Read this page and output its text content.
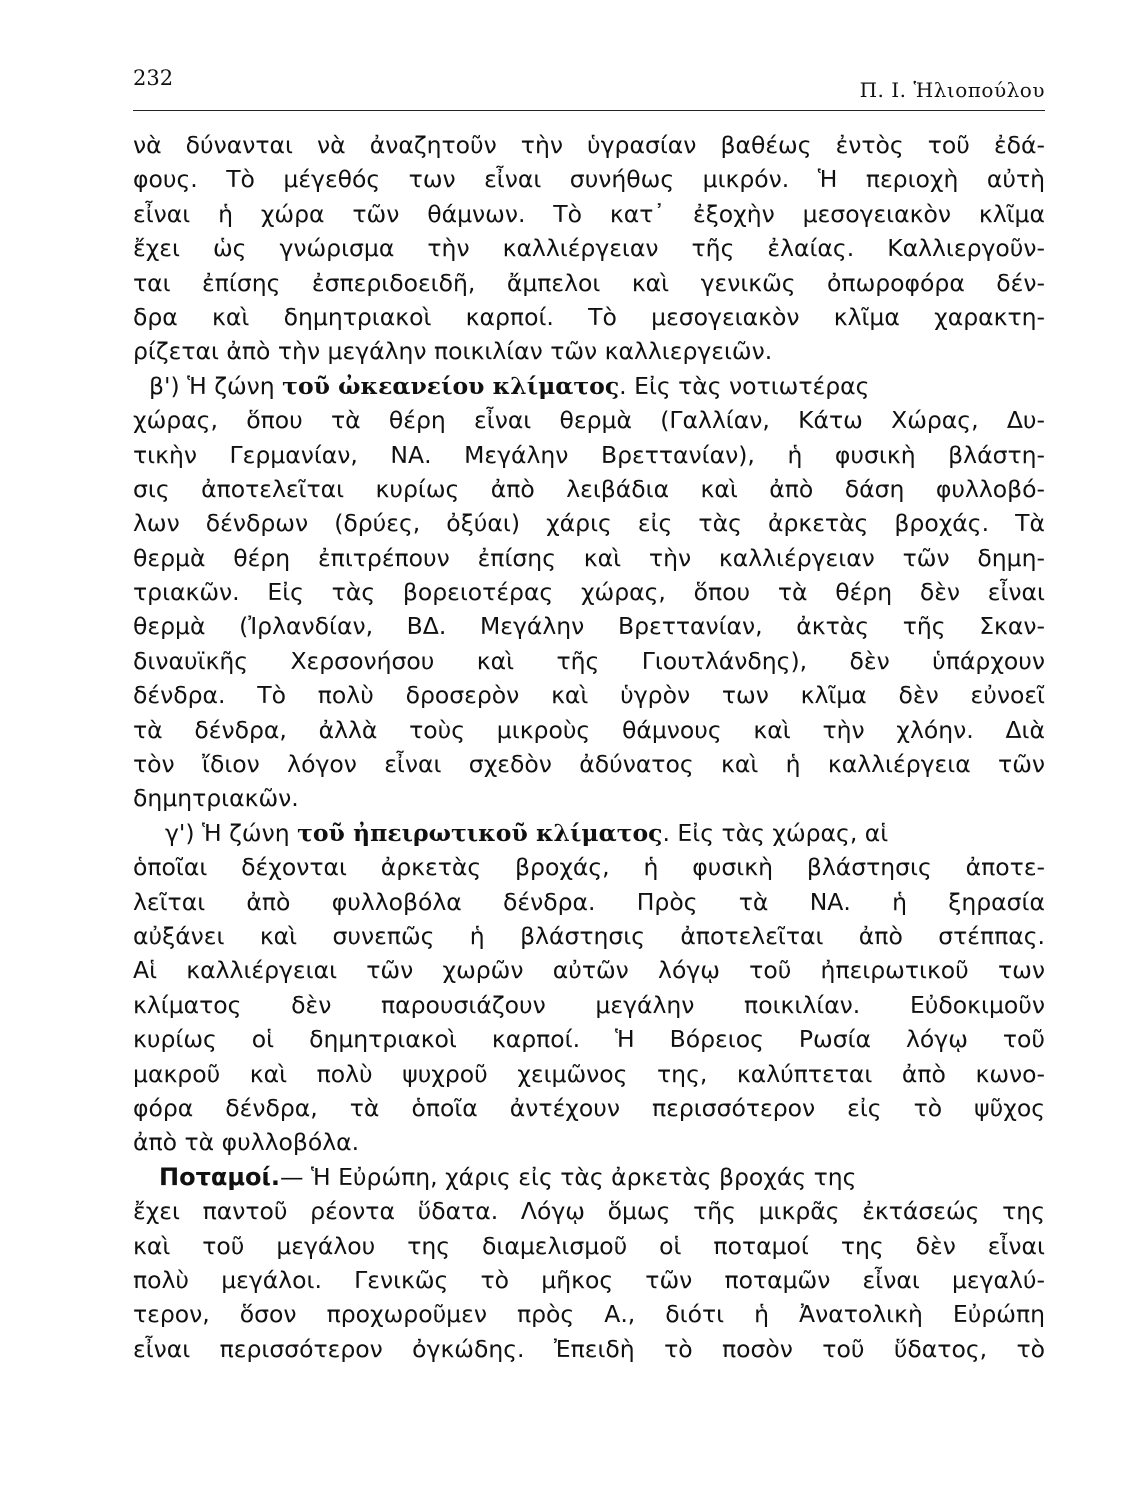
232	Π. Ι. Ἡλιοπούλου
νὰ δύνανται νὰ ἀναζητοῦν τὴν ὑγρασίαν βαθέως ἐντὸς τοῦ ἐδά-
φους. Τὸ μέγεθός των εἶναι συνήθως μικρόν. Ἡ περιοχὴ αὐτὴ
εἶναι ἡ χώρα τῶν θάμνων. Τὸ κατ᾽ ἐξοχὴν μεσογειακὸν κλῖμα
ἔχει ὡς γνώρισμα τὴν καλλιέργειαν τῆς ἐλαίας. Καλλιεργοῦν-
ται ἐπίσης ἐσπεριδοειδῆ, ἄμπελοι καὶ γενικῶς ὀπωροφόρα δέν-
δρα καὶ δημητριακοὶ καρποί. Τὸ μεσογειακὸν κλῖμα χαρακτη-
ρίζεται ἀπὸ τὴν μεγάλην ποικιλίαν τῶν καλλιεργειῶν.
β') Ἡ ζώνη τοῦ ὠκεανείου κλίματος. Εἰς τὰς νοτιωτέρας
χώρας, ὅπου τὰ θέρη εἶναι θερμὰ (Γαλλίαν, Κάτω Χώρας, Δυ-
τικὴν Γερμανίαν, ΝΑ. Μεγάλην Βρεττανίαν), ἡ φυσικὴ βλάστη-
σις ἀποτελεῖται κυρίως ἀπὸ λειβάδια καὶ ἀπὸ δάση φυλλοβό-
λων δένδρων (δρύες, ὀξύαι) χάρις εἰς τὰς ἀρκετὰς βροχάς. Τὰ
θερμὰ θέρη ἐπιτρέπουν ἐπίσης καὶ τὴν καλλιέργειαν τῶν δημη-
τριακῶν. Εἰς τὰς βορειοτέρας χώρας, ὅπου τὰ θέρη δὲν εἶναι
θερμὰ (Ἰρλανδίαν, ΒΔ. Μεγάλην Βρεττανίαν, ἀκτὰς τῆς Σκαν-
διναυϊκῆς Χερσονήσου καὶ τῆς Γιουτλάνδης), δὲν ὑπάρχουν
δένδρα. Τὸ πολὺ δροσερὸν καὶ ὑγρὸν των κλῖμα δὲν εὐνοεῖ
τὰ δένδρα, ἀλλὰ τοὺς μικροὺς θάμνους καὶ τὴν χλόην. Διὰ
τὸν ἴδιον λόγον εἶναι σχεδὸν ἀδύνατος καὶ ἡ καλλιέργεια τῶν
δημητριακῶν.
γ') Ἡ ζώνη τοῦ ἠπειρωτικοῦ κλίματος. Εἰς τὰς χώρας, αἱ
ὁποῖαι δέχονται ἀρκετὰς βροχάς, ἡ φυσικὴ βλάστησις ἀποτε-
λεῖται ἀπὸ φυλλοβόλα δένδρα. Πρὸς τὰ ΝΑ. ἡ ξηρασία
αὐξάνει καὶ συνεπῶς ἡ βλάστησις ἀποτελεῖται ἀπὸ στέππας.
Αἱ καλλιέργειαι τῶν χωρῶν αὐτῶν λόγῳ τοῦ ἠπειρωτικοῦ των
κλίματος δὲν παρουσιάζουν μεγάλην ποικιλίαν. Εὐδοκιμοῦν
κυρίως οἱ δημητριακοὶ καρποί. Ἡ Βόρειος Ρωσία λόγῳ τοῦ
μακροῦ καὶ πολὺ ψυχροῦ χειμῶνος της, καλύπτεται ἀπὸ κωνο-
φόρα δένδρα, τὰ ὁποῖα ἀντέχουν περισσότερον εἰς τὸ ψῦχος
ἀπὸ τὰ φυλλοβόλα.
Ποταμοί.— Ἡ Εὐρώπη, χάρις εἰς τὰς ἀρκετὰς βροχάς της
ἔχει παντοῦ ρέοντα ὕδατα. Λόγῳ ὅμως τῆς μικρᾶς ἐκτάσεώς της
καὶ τοῦ μεγάλου της διαμελισμοῦ οἱ ποταμοί της δὲν εἶναι
πολὺ μεγάλοι. Γενικῶς τὸ μῆκος τῶν ποταμῶν εἶναι μεγαλύ-
τερον, ὅσον προχωροῦμεν πρὸς Α., διότι ἡ Ἀνατολικὴ Εὐρώπη
εἶναι περισσότερον ὀγκώδης. Ἐπειδὴ τὸ ποσὸν τοῦ ὕδατος, τὸ
